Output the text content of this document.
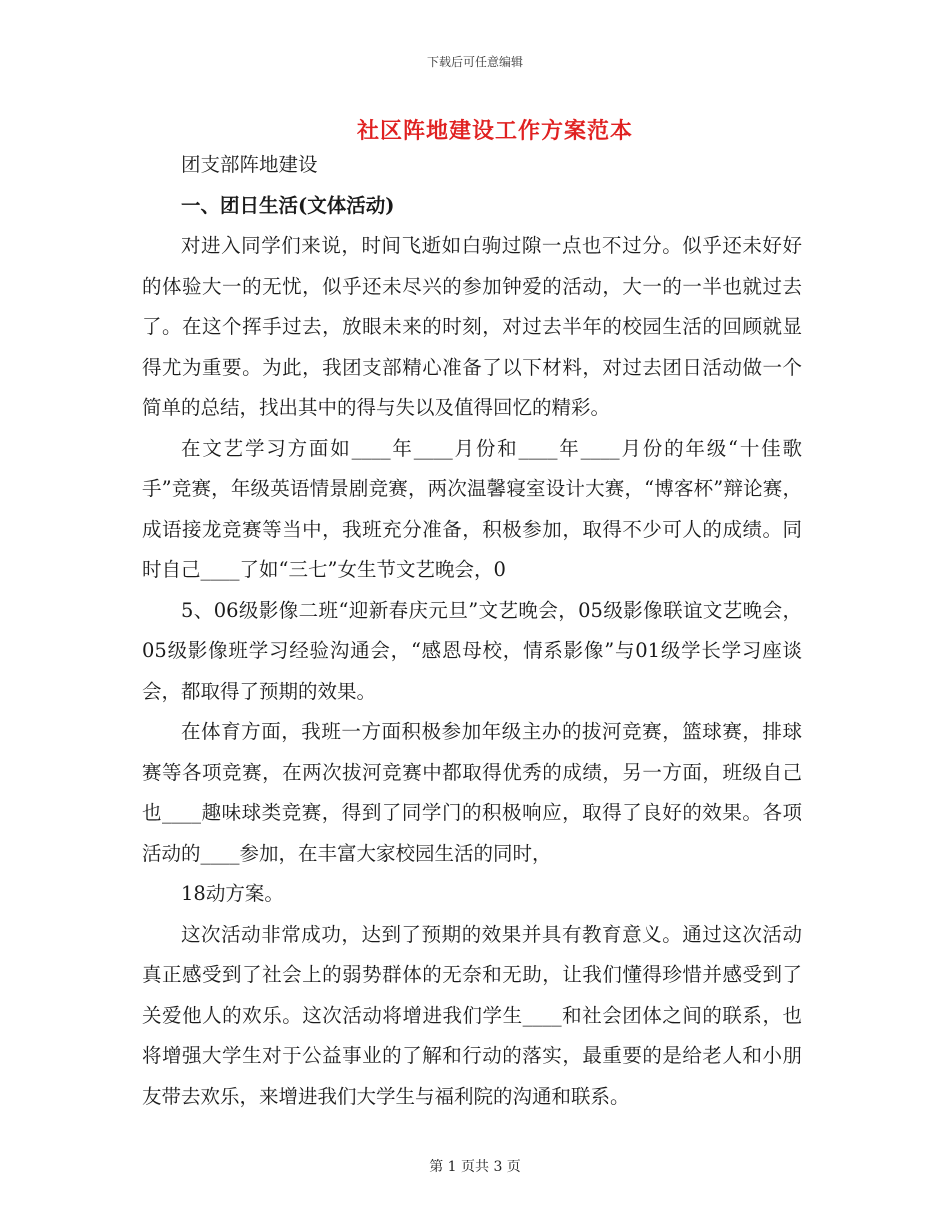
下载后可任意编辑
社区阵地建设工作方案范本

团支部阵地建设

一、团日生活(文体活动)

对进入同学们来说，时间飞逝如白驹过隙一点也不过分。似乎还未好好的体验大一的无忧，似乎还未尽兴的参加钟爱的活动，大一的一半也就过去了。在这个挥手过去，放眼未来的时刻，对过去半年的校园生活的回顾就显得尤为重要。为此，我团支部精心准备了以下材料，对过去团日活动做一个简单的总结，找出其中的得与失以及值得回忆的精彩。

在文艺学习方面如____年____月份和____年____月份的年级“十佳歌手”竞赛，年级英语情景剧竞赛，两次温馨寝室设计大赛，“博客杯”辩论赛，成语接龙竞赛等当中，我班充分准备，积极参加，取得不少可人的成绩。同时自己____了如“三七”女生节文艺晚会，0

5、06级影像二班“迎新春庆元旦”文艺晚会，05级影像联谊文艺晚会，05级影像班学习经验沟通会，“感恩母校，情系影像”与01级学长学习座谈会，都取得了预期的效果。

在体育方面，我班一方面积极参加年级主办的拔河竞赛，篮球赛，排球赛等各项竞赛，在两次拔河竞赛中都取得优秀的成绩，另一方面，班级自己也____趣味球类竞赛，得到了同学门的积极响应，取得了良好的效果。各项活动的____参加，在丰富大家校园生活的同时，

18动方案。

这次活动非常成功，达到了预期的效果并具有教育意义。通过这次活动真正感受到了社会上的弱势群体的无奈和无助，让我们懂得珍惜并感受到了关爱他人的欢乐。这次活动将增进我们学生____和社会团体之间的联系，也将增强大学生对于公益事业的了解和行动的落实，最重要的是给老人和小朋友带去欢乐，来增进我们大学生与福利院的沟通和联系。

第 1 页共 3 页
